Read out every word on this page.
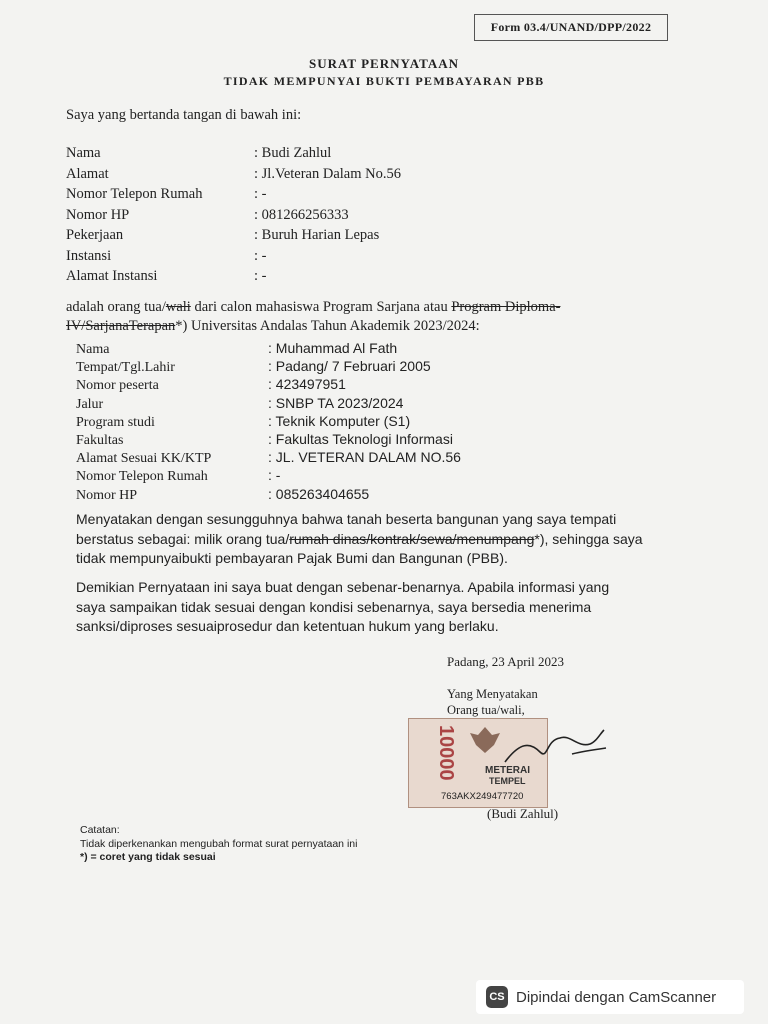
Form 03.4/UNAND/DPP/2022
SURAT PERNYATAAN
TIDAK MEMPUNYAI BUKTI PEMBAYARAN PBB
Saya yang bertanda tangan di bawah ini:
Nama	: Budi Zahlul
Alamat	: Jl.Veteran Dalam No.56
Nomor Telepon Rumah	: -
Nomor HP	: 081266256333
Pekerjaan	: Buruh Harian Lepas
Instansi	: -
Alamat Instansi	: -
adalah orang tua/wali dari calon mahasiswa Program Sarjana atau Program Diploma-
IV/SarjanaTerapan*) Universitas Andalas Tahun Akademik 2023/2024:
Nama	: Muhammad Al Fath
Tempat/Tgl.Lahir	: Padang/ 7 Februari 2005
Nomor peserta	: 423497951
Jalur	: SNBP TA 2023/2024
Program studi	: Teknik Komputer (S1)
Fakultas	: Fakultas Teknologi Informasi
Alamat Sesuai KK/KTP	: JL. VETERAN DALAM NO.56
Nomor Telepon Rumah	: -
Nomor HP	: 085263404655
Menyatakan dengan sesungguhnya bahwa tanah beserta bangunan yang saya tempati
berstatus sebagai: milik orang tua/rumah dinas/kontrak/sewa/menumpang*), sehingga saya
tidak mempunyaibukti pembayaran Pajak Bumi dan Bangunan (PBB).
Demikian Pernyataan ini saya buat dengan sebenar-benarnya. Apabila informasi yang
saya sampaikan tidak sesuai dengan kondisi sebenarnya, saya bersedia menerima
sanksi/diproses sesuaiprosedur dan ketentuan hukum yang berlaku.
Padang, 23 April 2023
Yang Menyatakan
Orang tua/wali,
10000	METERAI
TEMPEL
763AKX249477720
(Budi Zahlul)
Catatan:
Tidak diperkenankan mengubah format surat pernyataan ini
*) = coret yang tidak sesuai
CS Dipindai dengan CamScanner
